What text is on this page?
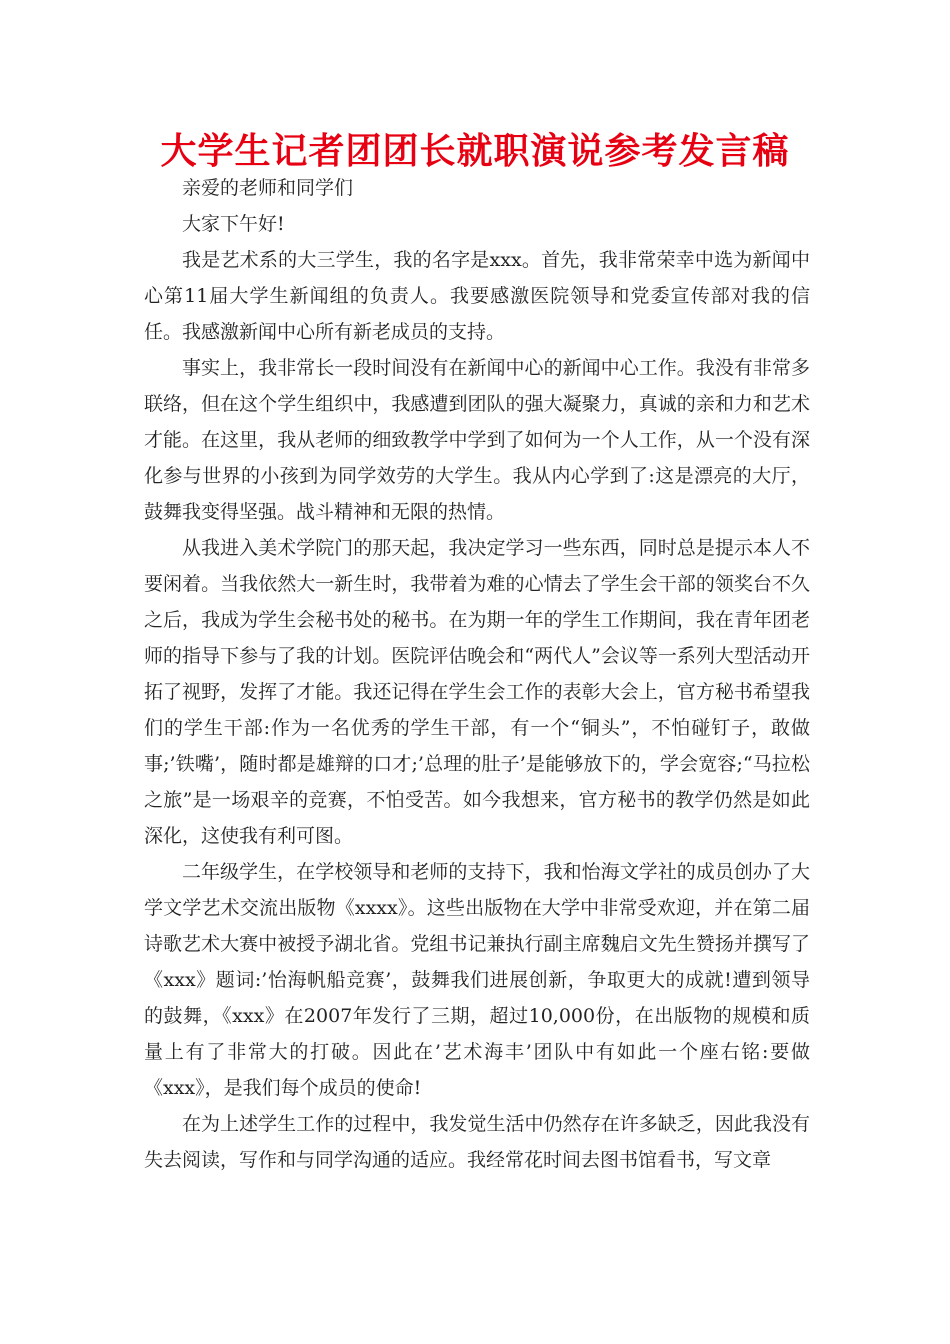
大学生记者团团长就职演说参考发言稿

亲爱的老师和同学们

大家下午好!

我是艺术系的大三学生，我的名字是xxx。首先，我非常荣幸中选为新闻中心第11届大学生新闻组的负责人。我要感激医院领导和党委宣传部对我的信任。我感激新闻中心所有新老成员的支持。

事实上，我非常长一段时间没有在新闻中心的新闻中心工作。我没有非常多联络，但在这个学生组织中，我感遭到团队的强大凝聚力，真诚的亲和力和艺术才能。在这里，我从老师的细致教学中学到了如何为一个人工作，从一个没有深化参与世界的小孩到为同学效劳的大学生。我从内心学到了:这是漂亮的大厅，鼓舞我变得坚强。战斗精神和无限的热情。

从我进入美术学院门的那天起，我决定学习一些东西，同时总是提示本人不要闲着。当我依然大一新生时，我带着为难的心情去了学生会干部的领奖台不久之后，我成为学生会秘书处的秘书。在为期一年的学生工作期间，我在青年团老师的指导下参与了我的计划。医院评估晚会和“两代人”会议等一系列大型活动开拓了视野，发挥了才能。我还记得在学生会工作的表彰大会上，官方秘书希望我们的学生干部:作为一名优秀的学生干部，有一个“铜头”，不怕碰钉子，敢做事;’铁嘴’，随时都是雄辩的口才;’总理的肚子’是能够放下的，学会宽容;“马拉松之旅”是一场艰辛的竞赛，不怕受苦。如今我想来，官方秘书的教学仍然是如此深化，这使我有利可图。

二年级学生，在学校领导和老师的支持下，我和怡海文学社的成员创办了大学文学艺术交流出版物《xxxx》。这些出版物在大学中非常受欢迎，并在第二届诗歌艺术大赛中被授予湖北省。党组书记兼执行副主席魏启文先生赞扬并撰写了《xxx》题词:’怡海帆船竞赛’，鼓舞我们进展创新，争取更大的成就!遭到领导的鼓舞，《xxx》在2007年发行了三期，超过10,000份，在出版物的规模和质量上有了非常大的打破。因此在’艺术海丰’团队中有如此一个座右铭:要做《xxx》，是我们每个成员的使命!

在为上述学生工作的过程中，我发觉生活中仍然存在许多缺乏，因此我没有失去阅读，写作和与同学沟通的适应。我经常花时间去图书馆看书，写文章
